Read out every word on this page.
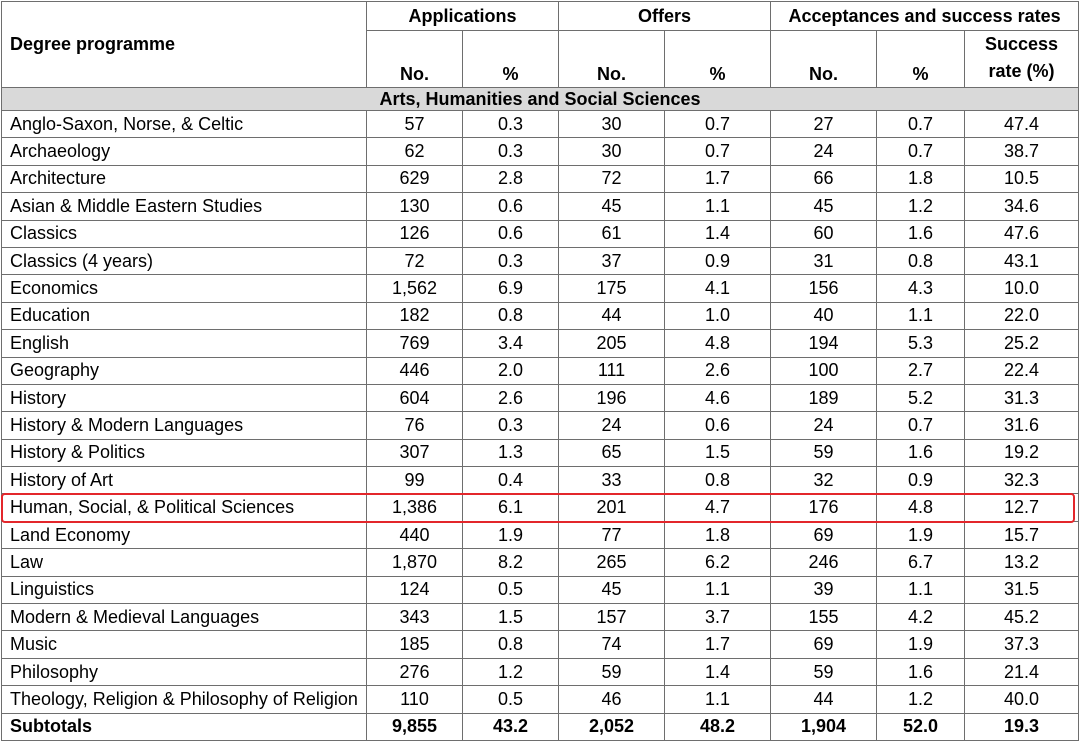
Degree programme	Applications		Offers		Acceptances and success rates		
	No.	%	No.	%	No.	%	Success
rate (%)
Arts, Humanities and Social Sciences							
Anglo-Saxon, Norse, & Celtic	57	0.3	30	0.7	27	0.7	47.4
Archaeology	62	0.3	30	0.7	24	0.7	38.7
Architecture	629	2.8	72	1.7	66	1.8	10.5
Asian & Middle Eastern Studies	130	0.6	45	1.1	45	1.2	34.6
Classics	126	0.6	61	1.4	60	1.6	47.6
Classics (4 years)	72	0.3	37	0.9	31	0.8	43.1
Economics	1,562	6.9	175	4.1	156	4.3	10.0
Education	182	0.8	44	1.0	40	1.1	22.0
English	769	3.4	205	4.8	194	5.3	25.2
Geography	446	2.0	111	2.6	100	2.7	22.4
History	604	2.6	196	4.6	189	5.2	31.3
History & Modern Languages	76	0.3	24	0.6	24	0.7	31.6
History & Politics	307	1.3	65	1.5	59	1.6	19.2
History of Art	99	0.4	33	0.8	32	0.9	32.3
Human, Social, & Political Sciences	1,386	6.1	201	4.7	176	4.8	12.7
Land Economy	440	1.9	77	1.8	69	1.9	15.7
Law	1,870	8.2	265	6.2	246	6.7	13.2
Linguistics	124	0.5	45	1.1	39	1.1	31.5
Modern & Medieval Languages	343	1.5	157	3.7	155	4.2	45.2
Music	185	0.8	74	1.7	69	1.9	37.3
Philosophy	276	1.2	59	1.4	59	1.6	21.4
Theology, Religion & Philosophy of Religion	110	0.5	46	1.1	44	1.2	40.0
Subtotals	9,855	43.2	2,052	48.2	1,904	52.0	19.3
